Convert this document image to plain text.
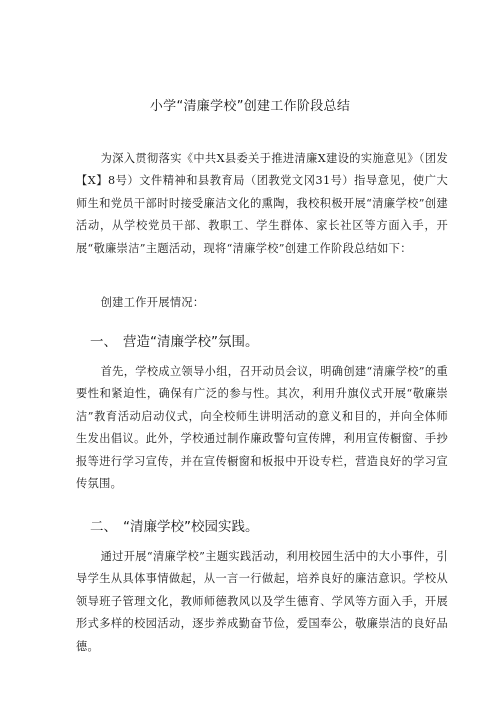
小学“清廉学校”创建工作阶段总结

为深入贯彻落实《中共X县委关于推进清廉X建设的实施意见》（团发【X】8号）文件精神和县教育局（团教党文冈31号）指导意见，使广大师生和党员干部时时接受廉洁文化的熏陶，我校积极开展“清廉学校”创建活动，从学校党员干部、教职工、学生群体、家长社区等方面入手，开展“敬廉崇洁”主题活动，现将“清廉学校”创建工作阶段总结如下：

创建工作开展情况：

一、 营造“清廉学校”氛围。

首先，学校成立领导小组，召开动员会议，明确创建“清廉学校”的重要性和紧迫性，确保有广泛的参与性。其次，利用升旗仪式开展“敬廉崇洁”教育活动启动仪式，向全校师生讲明活动的意义和目的，并向全体师生发出倡议。此外，学校通过制作廉政警句宣传牌，利用宣传橱窗、手抄报等进行学习宣传，并在宣传橱窗和板报中开设专栏，营造良好的学习宣传氛围。

二、 “清廉学校”校园实践。

通过开展“清廉学校”主题实践活动，利用校园生活中的大小事件，引导学生从具体事情做起，从一言一行做起，培养良好的廉洁意识。学校从领导班子管理文化，教师师德教风以及学生德育、学风等方面入手，开展形式多样的校园活动，逐步养成勤奋节俭，爱国奉公，敬廉崇洁的良好品德。
